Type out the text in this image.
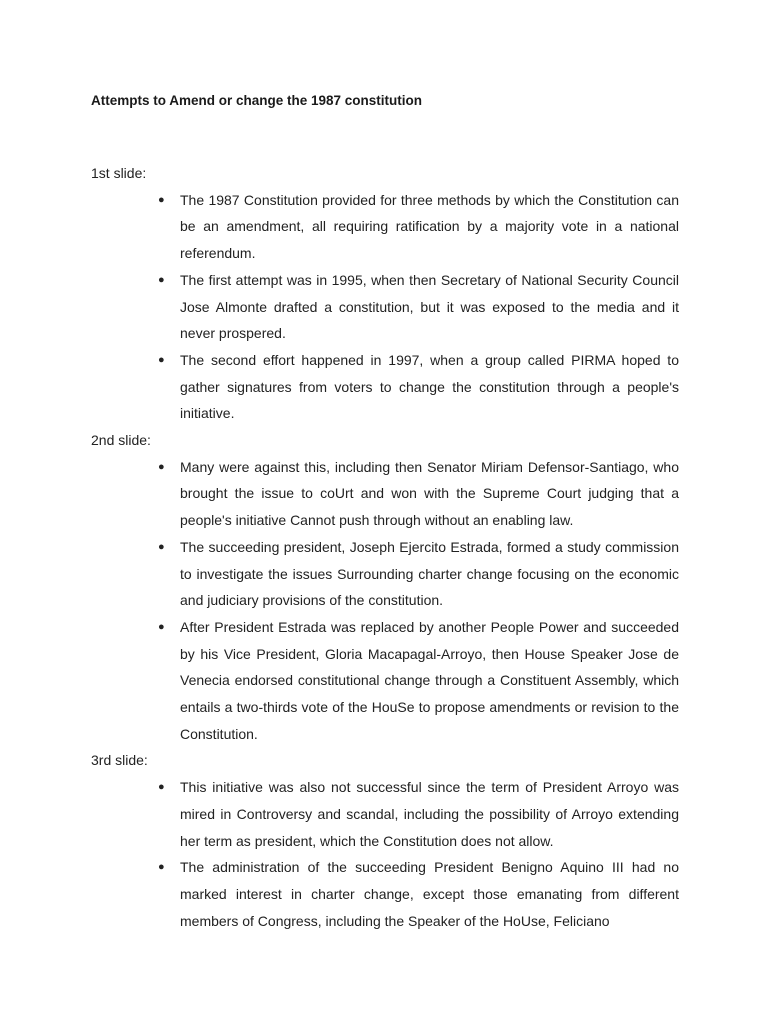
Attempts to Amend or change the 1987 constitution

1st slide:

● The 1987 Constitution provided for three methods by which the Constitution can be an amendment, all requiring ratification by a majority vote in a national referendum.
● The first attempt was in 1995, when then Secretary of National Security Council Jose Almonte drafted a constitution, but it was exposed to the media and it never prospered.
● The second effort happened in 1997, when a group called PIRMA hoped to gather signatures from voters to change the constitution through a people's initiative.

2nd slide:

● Many were against this, including then Senator Miriam Defensor-Santiago, who brought the issue to coUrt and won with the Supreme Court judging that a people's initiative Cannot push through without an enabling law.
● The succeeding president, Joseph Ejercito Estrada, formed a study commission to investigate the issues Surrounding charter change focusing on the economic and judiciary provisions of the constitution.
● After President Estrada was replaced by another People Power and succeeded by his Vice President, Gloria Macapagal-Arroyo, then House Speaker Jose de Venecia endorsed constitutional change through a Constituent Assembly, which entails a two-thirds vote of the HouSe to propose amendments or revision to the Constitution.

3rd slide:

● This initiative was also not successful since the term of President Arroyo was mired in Controversy and scandal, including the possibility of Arroyo extending her term as president, which the Constitution does not allow.
● The administration of the succeeding President Benigno Aquino III had no marked interest in charter change, except those emanating from different members of Congress, including the Speaker of the HoUse, Feliciano
